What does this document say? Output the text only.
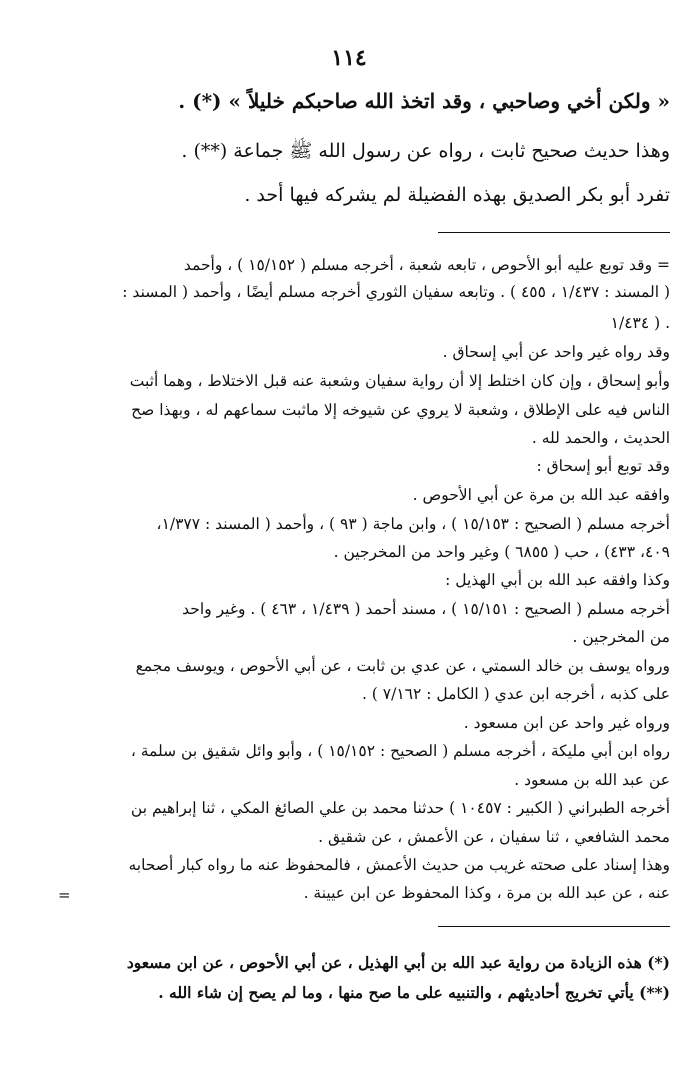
١١٤
« ولكن أخي وصاحبي ، وقد اتخذ الله صاحبكم خليلاً » (*) .
وهذا حديث صحيح ثابت ، رواه عن رسول الله ﷺ جماعة (**) .
تفرد أبو بكر الصديق بهذه الفضيلة لم يشركه فيها أحد .
= وقد توبع عليه أبو الأحوص ، تابعه شعبة ، أخرجه مسلم ( ١٥/١٥٢ ) ، وأحمد
( المسند : ١/٤٣٧ ، ٤٥٥ ) . وتابعه سفيان الثوري أخرجه مسلم أيضًا ، وأحمد ( المسند :
١/٤٣٤ ) .
وقد رواه غير واحد عن أبي إسحاق .
وأبو إسحاق ، وإن كان اختلط إلا أن رواية سفيان وشعبة عنه قبل الاختلاط ، وهما أثبت
الناس فيه على الإطلاق ، وشعبة لا يروي عن شيوخه إلا ماثبت سماعهم له ، وبهذا صح
الحديث ، والحمد لله .
وقد توبع أبو إسحاق :
وافقه عبد الله بن مرة عن أبي الأحوص .
أخرجه مسلم ( الصحيح : ١٥/١٥٣ ) ، وابن ماجة ( ٩٣ ) ، وأحمد ( المسند : ١/٣٧٧،
٤٠٩، ٤٣٣) ، حب ( ٦٨٥٥ ) وغير واحد من المخرجين .
وكذا وافقه عبد الله بن أبي الهذيل :
أخرجه مسلم ( الصحيح : ١٥/١٥١ ) ، مسند أحمد ( ١/٤٣٩ ، ٤٦٣ ) . وغير واحد
من المخرجين .
ورواه يوسف بن خالد السمتي ، عن عدي بن ثابت ، عن أبي الأحوص ، ويوسف مجمع
على كذبه ، أخرجه ابن عدي ( الكامل : ٧/١٦٢ ) .
ورواه غير واحد عن ابن مسعود .
رواه ابن أبي مليكة ، أخرجه مسلم ( الصحيح : ١٥/١٥٢ ) ، وأبو وائل شقيق بن سلمة ،
عن عبد الله بن مسعود .
أخرجه الطبراني ( الكبير : ١٠٤٥٧ ) حدثنا محمد بن علي الصائغ المكي ، ثنا إبراهيم بن
محمد الشافعي ، ثنا سفيان ، عن الأعمش ، عن شقيق .
وهذا إسناد على صحته غريب من حديث الأعمش ، فالمحفوظ عنه ما رواه كبار أصحابه
عنه ، عن عبد الله بن مرة ، وكذا المحفوظ عن ابن عيينة .
=
(*) هذه الزيادة من رواية عبد الله بن أبي الهذيل ، عن أبي الأحوص ، عن ابن مسعود
(**) يأتي تخريج أحاديثهم ، والتنبيه على ما صح منها ، وما لم يصح إن شاء الله .
